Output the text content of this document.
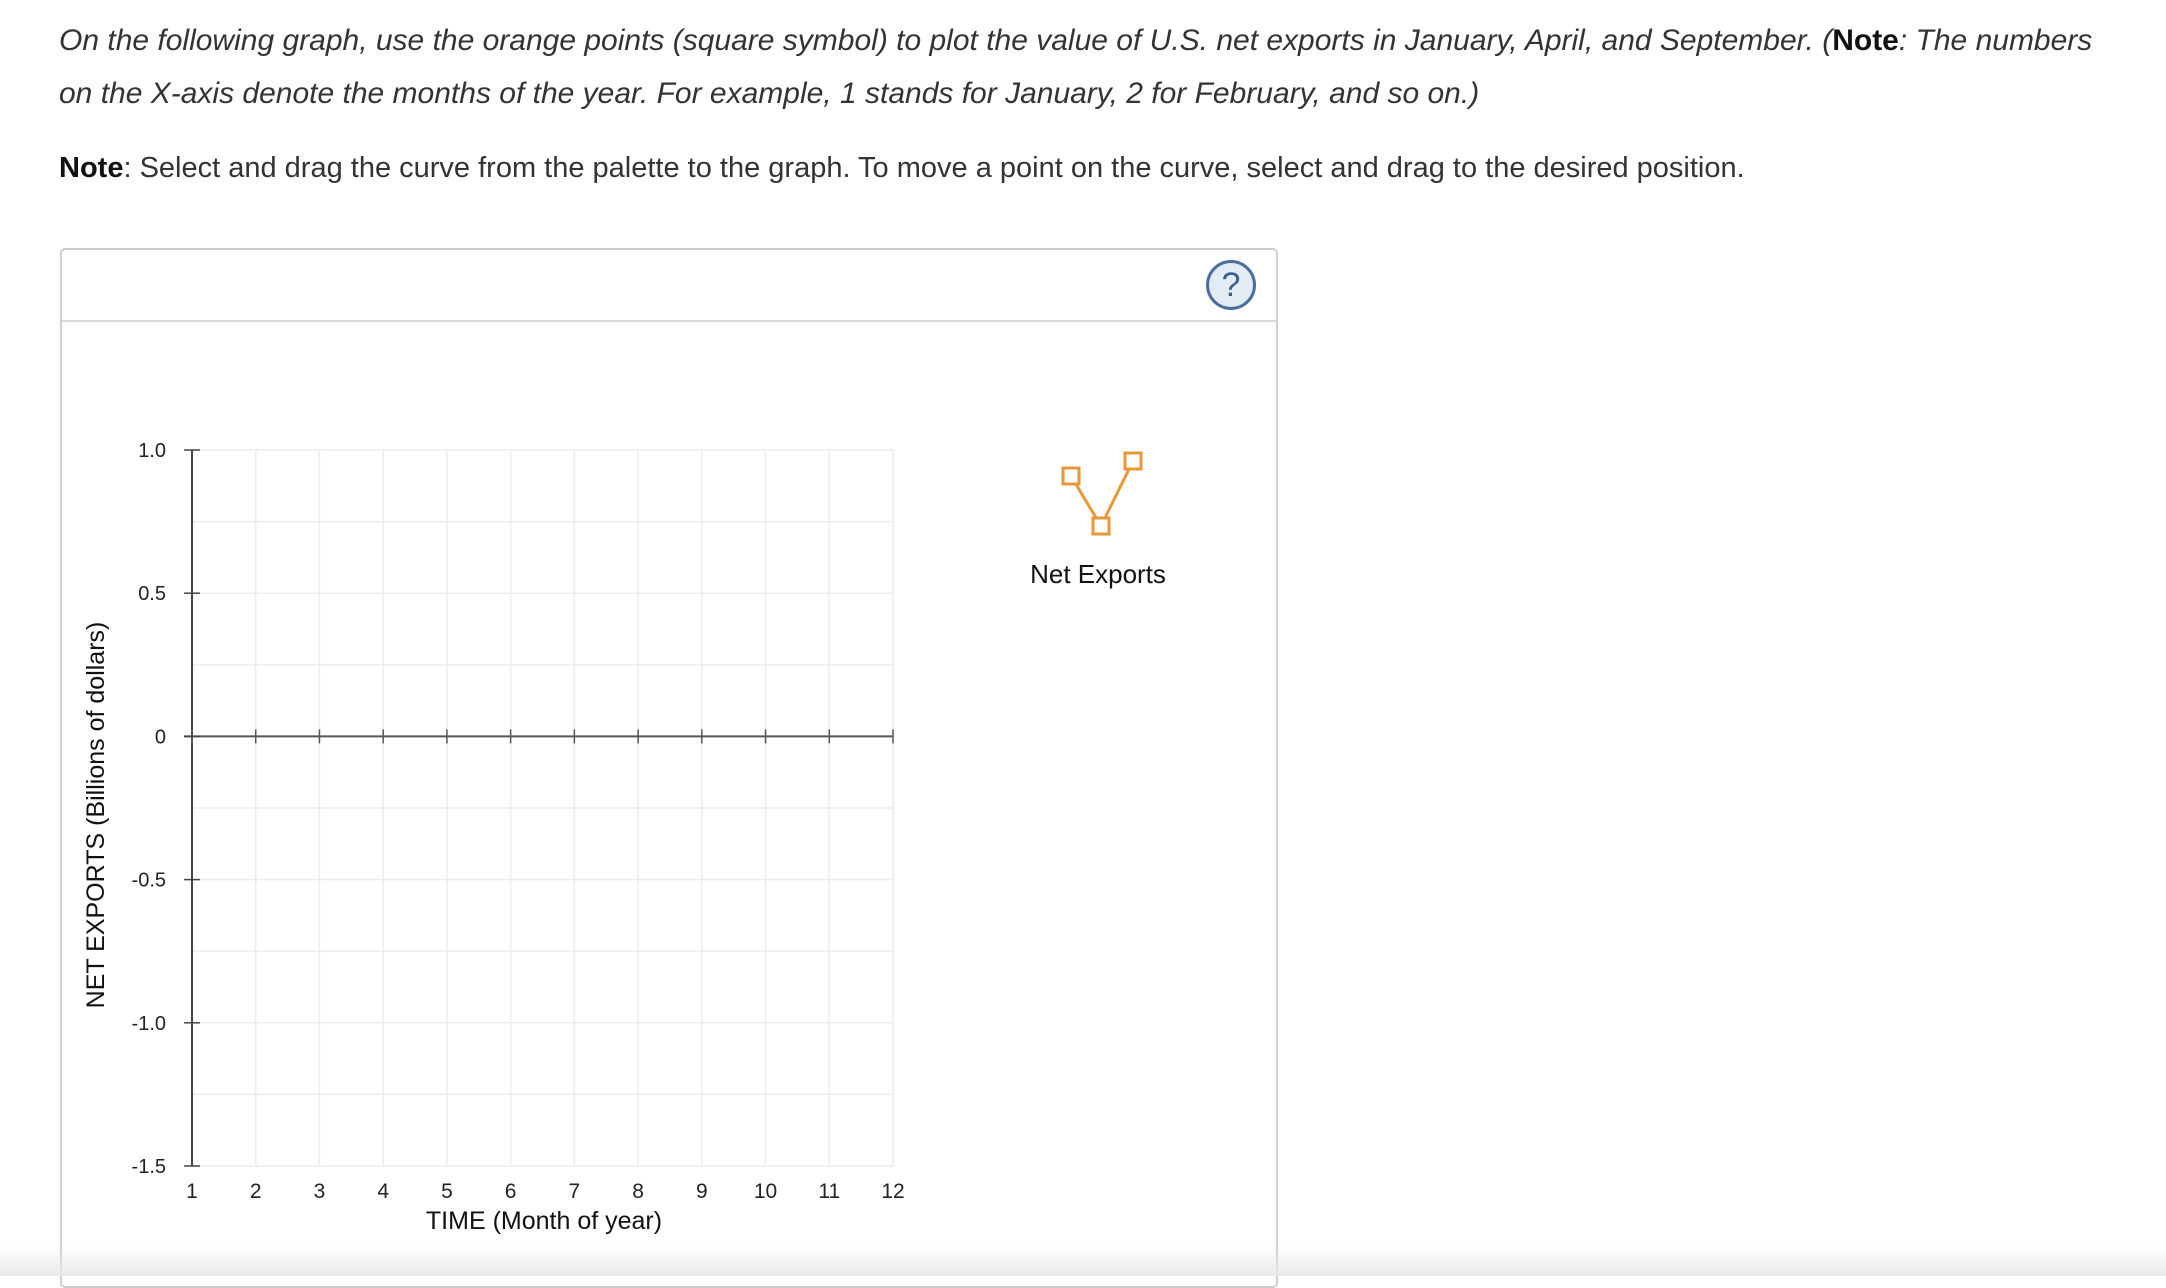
On the following graph, use the orange points (square symbol) to plot the value of U.S. net exports in January, April, and September. (Note: The numbers on the X-axis denote the months of the year. For example, 1 stands for January, 2 for February, and so on.)
Note: Select and drag the curve from the palette to the graph. To move a point on the curve, select and drag to the desired position.
?
1 2 3 4 5 6 7 8 9 10 11 12
1.0
0.5
0
-0.5
-1.0
-1.5
TIME (Month of year)
NET EXPORTS (Billions of dollars)
Net Exports
